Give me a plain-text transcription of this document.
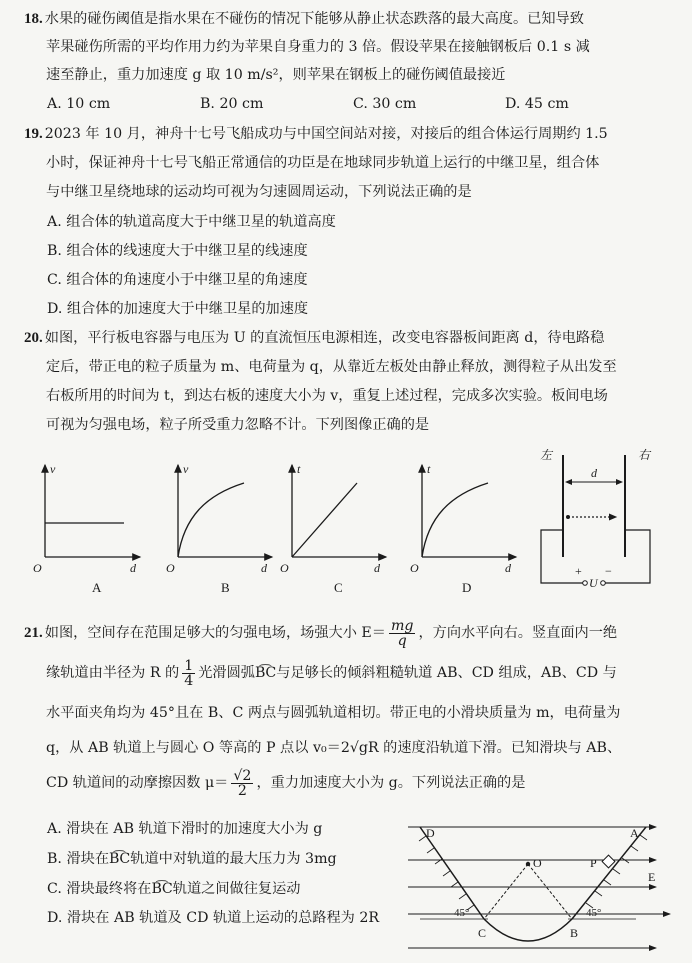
18. 水果的碰伤阈值是指水果在不碰伤的情况下能够从静止状态跌落的最大高度。已知导致
苹果碰伤所需的平均作用力约为苹果自身重力的 3 倍。假设苹果在接触钢板后 0.1 s 减
速至静止，重力加速度 g 取 10 m/s²，则苹果在钢板上的碰伤阈值最接近
A. 10 cm	B. 20 cm	C. 30 cm	D. 45 cm
19. 2023 年 10 月，神舟十七号飞船成功与中国空间站对接，对接后的组合体运行周期约 1.5
小时，保证神舟十七号飞船正常通信的功臣是在地球同步轨道上运行的中继卫星，组合体
与中继卫星绕地球的运动均可视为匀速圆周运动，下列说法正确的是
A. 组合体的轨道高度大于中继卫星的轨道高度
B. 组合体的线速度大于中继卫星的线速度
C. 组合体的角速度小于中继卫星的角速度
D. 组合体的加速度大于中继卫星的加速度
20. 如图，平行板电容器与电压为 U 的直流恒压电源相连，改变电容器板间距离 d，待电路稳
定后，带正电的粒子质量为 m、电荷量为 q，从靠近左板处由静止释放，测得粒子从出发至
右板所用的时间为 t，到达右板的速度大小为 v，重复上述过程，完成多次实验。板间电场
可视为匀强电场，粒子所受重力忽略不计。下列图像正确的是
v
d
O
A
v
d
O
B
t
d
O
C
t
d
O
D
左	右
d
+
U
−
21. 如图，空间存在范围足够大的匀强电场，场强大小 $E= \frac{mg}{q}$ ，方向水平向右。竖直面内一绝
缘轨道由半径为 R 的 $\frac{1}{4}$ 光滑圆弧B͡C与足够长的倾斜粗糙轨道 AB、CD 组成，AB、CD 与
水平面夹角均为 45°且在 B、C 两点与圆弧轨道相切。带正电的小滑块质量为 m，电荷量为
q，从 AB 轨道上与圆心 O 等高的 P 点以 v₀＝2√gR 的速度沿轨道下滑。已知滑块与 AB、
CD 轨道间的动摩擦因数 $\mu= \frac{√2}{2}$ ，重力加速度大小为 g。下列说法正确的是
A. 滑块在 AB 轨道下滑时的加速度大小为 g
B. 滑块在B͡C轨道中对轨道的最大压力为 3mg
C. 滑块最终将在B͡C轨道之间做往复运动
D. 滑块在 AB 轨道及 CD 轨道上运动的总路程为 2R
D	A
O	P
E
C	B
45°	45°
